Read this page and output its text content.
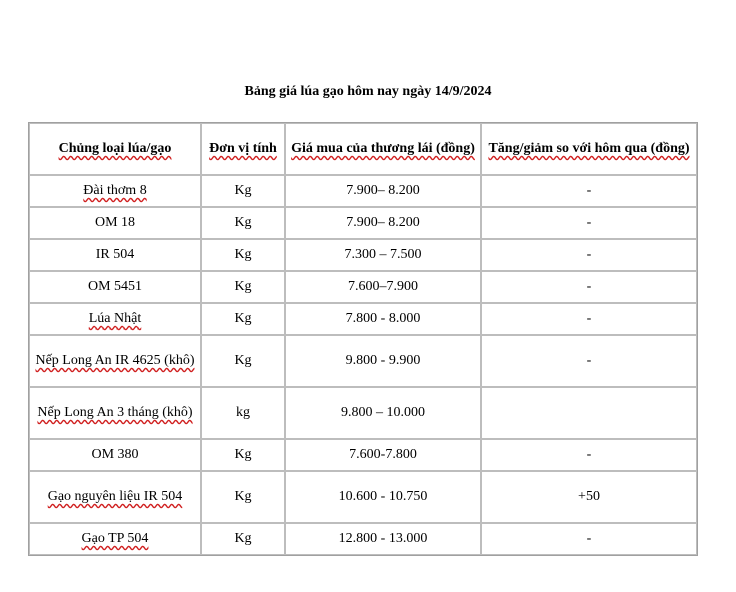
Bảng giá lúa gạo hôm nay ngày 14/9/2024
Chủng loại lúa/gạo	Đơn vị tính	Giá mua của thương lái (đồng)	Tăng/giảm so với hôm qua (đồng)
Đài thơm 8	Kg	7.900– 8.200	-
OM 18	Kg	7.900– 8.200	-
IR 504	Kg	7.300 – 7.500	-
OM 5451	Kg	7.600–7.900	-
Lúa Nhật	Kg	7.800 - 8.000	-
Nếp Long An IR 4625 (khô)	Kg	9.800 - 9.900	-
Nếp Long An 3 tháng (khô)	kg	9.800 – 10.000	
OM 380	Kg	7.600-7.800	-
Gạo nguyên liệu IR 504	Kg	10.600 - 10.750	+50
Gạo TP 504	Kg	12.800 - 13.000	-
